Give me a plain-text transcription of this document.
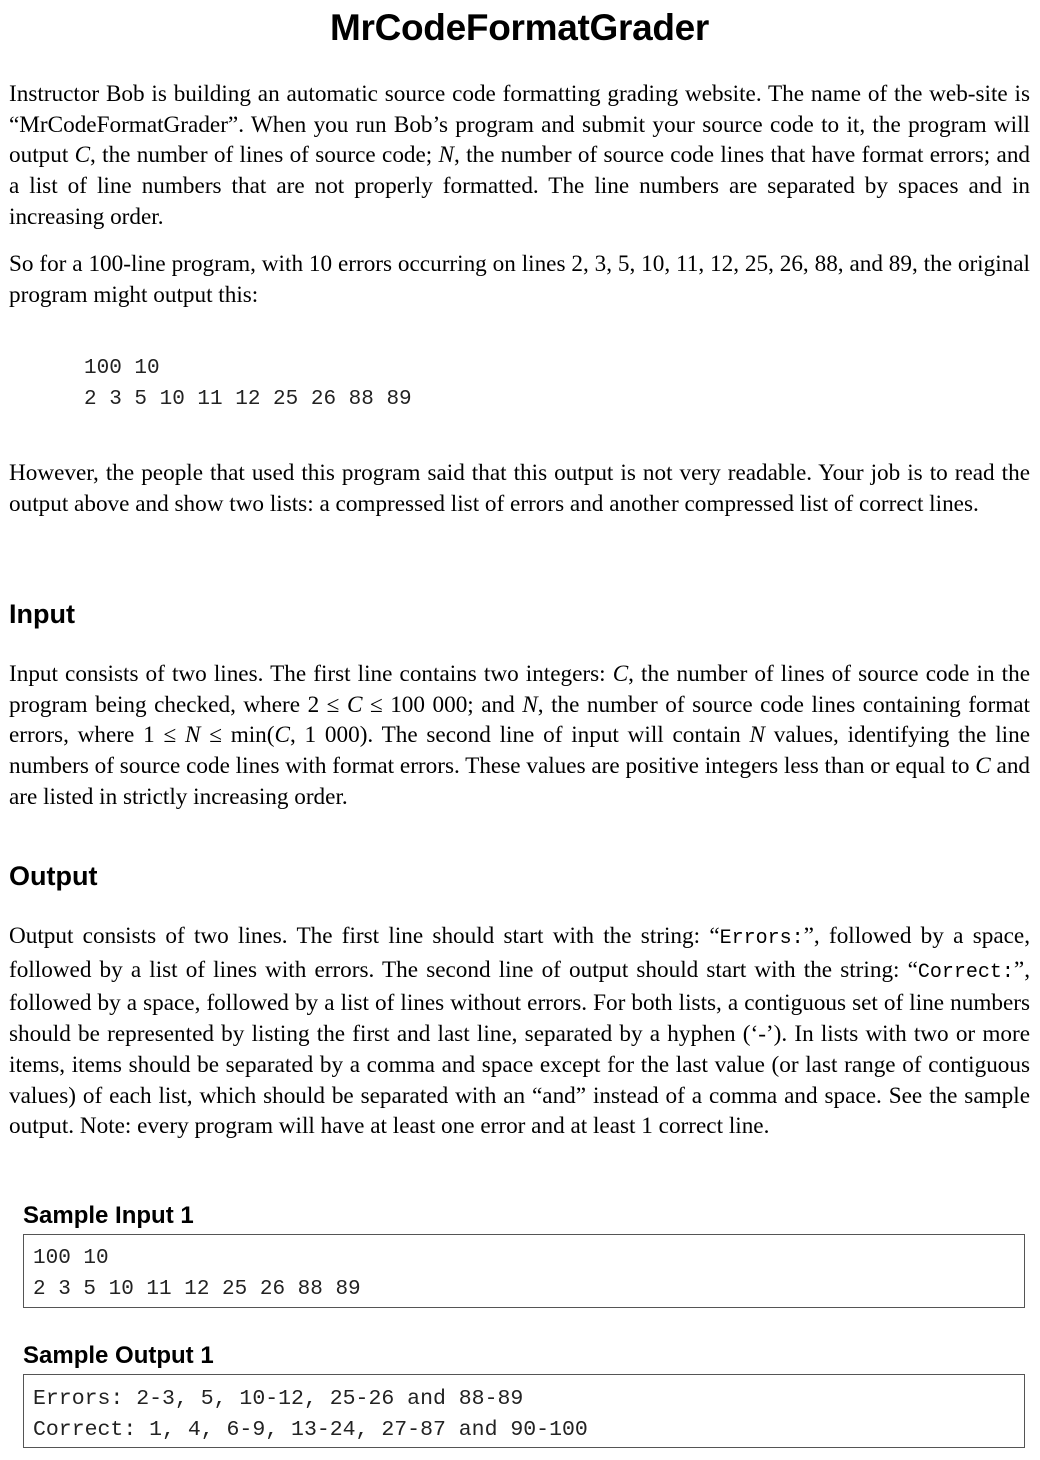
MrCodeFormatGrader

Instructor Bob is building an automatic source code formatting grading website. The name of the web-site is “MrCodeFormatGrader”. When you run Bob’s program and submit your source code to it, the program will output C, the number of lines of source code; N, the number of source code lines that have format errors; and a list of line numbers that are not properly formatted. The line numbers are separated by spaces and in increasing order.

So for a 100-line program, with 10 errors occurring on lines 2, 3, 5, 10, 11, 12, 25, 26, 88, and 89, the original program might output this:

100 10
2 3 5 10 11 12 25 26 88 89

However, the people that used this program said that this output is not very readable. Your job is to read the output above and show two lists: a compressed list of errors and another compressed list of correct lines.

Input

Input consists of two lines. The first line contains two integers: C, the number of lines of source code in the program being checked, where 2 ≤ C ≤ 100 000; and N, the number of source code lines containing format errors, where 1 ≤ N ≤ min(C, 1 000). The second line of input will contain N values, identifying the line numbers of source code lines with format errors. These values are positive integers less than or equal to C and are listed in strictly increasing order.

Output

Output consists of two lines. The first line should start with the string: “Errors:”, followed by a space, followed by a list of lines with errors. The second line of output should start with the string: “Correct:”, followed by a space, followed by a list of lines without errors. For both lists, a contiguous set of line numbers should be represented by listing the first and last line, separated by a hyphen (‘-’). In lists with two or more items, items should be separated by a comma and space except for the last value (or last range of contiguous values) of each list, which should be separated with an “and” instead of a comma and space. See the sample output. Note: every program will have at least one error and at least 1 correct line.

Sample Input 1
100 10
2 3 5 10 11 12 25 26 88 89
Sample Output 1
Errors: 2-3, 5, 10-12, 25-26 and 88-89
Correct: 1, 4, 6-9, 13-24, 27-87 and 90-100
